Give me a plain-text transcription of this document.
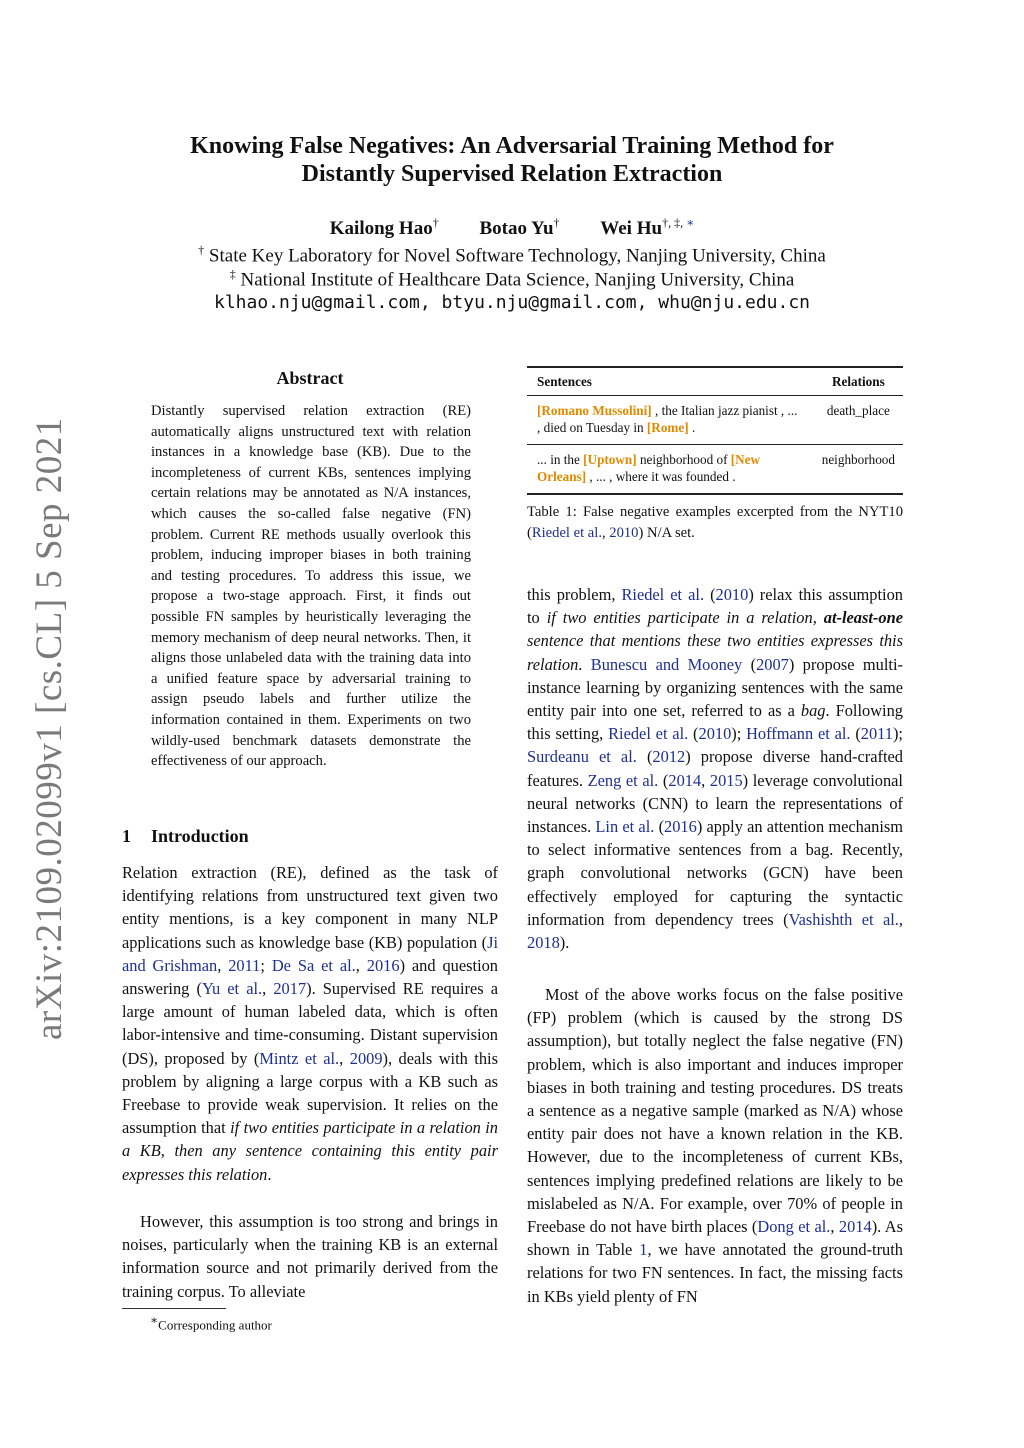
arXiv:2109.02099v1 [cs.CL] 5 Sep 2021
Knowing False Negatives: An Adversarial Training Method for
Distantly Supervised Relation Extraction
Kailong Hao† Botao Yu† Wei Hu†, ‡, ∗
† State Key Laboratory for Novel Software Technology, Nanjing University, China
‡ National Institute of Healthcare Data Science, Nanjing University, China
klhao.nju@gmail.com, btyu.nju@gmail.com, whu@nju.edu.cn
Abstract
Distantly supervised relation extraction (RE) automatically aligns unstructured text with relation instances in a knowledge base (KB). Due to the incompleteness of current KBs, sentences implying certain relations may be annotated as N/A instances, which causes the so-called false negative (FN) problem. Current RE methods usually overlook this problem, inducing improper biases in both training and testing procedures. To address this issue, we propose a two-stage approach. First, it finds out possible FN samples by heuristically leveraging the memory mechanism of deep neural networks. Then, it aligns those unlabeled data with the training data into a unified feature space by adversarial training to assign pseudo labels and further utilize the information contained in them. Experiments on two wildly-used benchmark datasets demonstrate the effectiveness of our approach.
1 Introduction
Relation extraction (RE), defined as the task of identifying relations from unstructured text given two entity mentions, is a key component in many NLP applications such as knowledge base (KB) population (Ji and Grishman, 2011; De Sa et al., 2016) and question answering (Yu et al., 2017). Supervised RE requires a large amount of human labeled data, which is often labor-intensive and time-consuming. Distant supervision (DS), proposed by (Mintz et al., 2009), deals with this problem by aligning a large corpus with a KB such as Freebase to provide weak supervision. It relies on the assumption that if two entities participate in a relation in a KB, then any sentence containing this entity pair expresses this relation.
However, this assumption is too strong and brings in noises, particularly when the training KB is an external information source and not primarily derived from the training corpus. To alleviate
∗Corresponding author
Sentences	Relations
[Romano Mussolini] , the Italian jazz pianist , ... , died on Tuesday in [Rome] .	death_place
... in the [Uptown] neighborhood of [New Orleans] , ... , where it was founded .	neighborhood
Table 1: False negative examples excerpted from the NYT10 (Riedel et al., 2010) N/A set.
this problem, Riedel et al. (2010) relax this assumption to if two entities participate in a relation, at-least-one sentence that mentions these two entities expresses this relation. Bunescu and Mooney (2007) propose multi-instance learning by organizing sentences with the same entity pair into one set, referred to as a bag. Following this setting, Riedel et al. (2010); Hoffmann et al. (2011); Surdeanu et al. (2012) propose diverse hand-crafted features. Zeng et al. (2014, 2015) leverage convolutional neural networks (CNN) to learn the representations of instances. Lin et al. (2016) apply an attention mechanism to select informative sentences from a bag. Recently, graph convolutional networks (GCN) have been effectively employed for capturing the syntactic information from dependency trees (Vashishth et al., 2018).
Most of the above works focus on the false positive (FP) problem (which is caused by the strong DS assumption), but totally neglect the false negative (FN) problem, which is also important and induces improper biases in both training and testing procedures. DS treats a sentence as a negative sample (marked as N/A) whose entity pair does not have a known relation in the KB. However, due to the incompleteness of current KBs, sentences implying predefined relations are likely to be mislabeled as N/A. For example, over 70% of people in Freebase do not have birth places (Dong et al., 2014). As shown in Table 1, we have annotated the ground-truth relations for two FN sentences. In fact, the missing facts in KBs yield plenty of FN
